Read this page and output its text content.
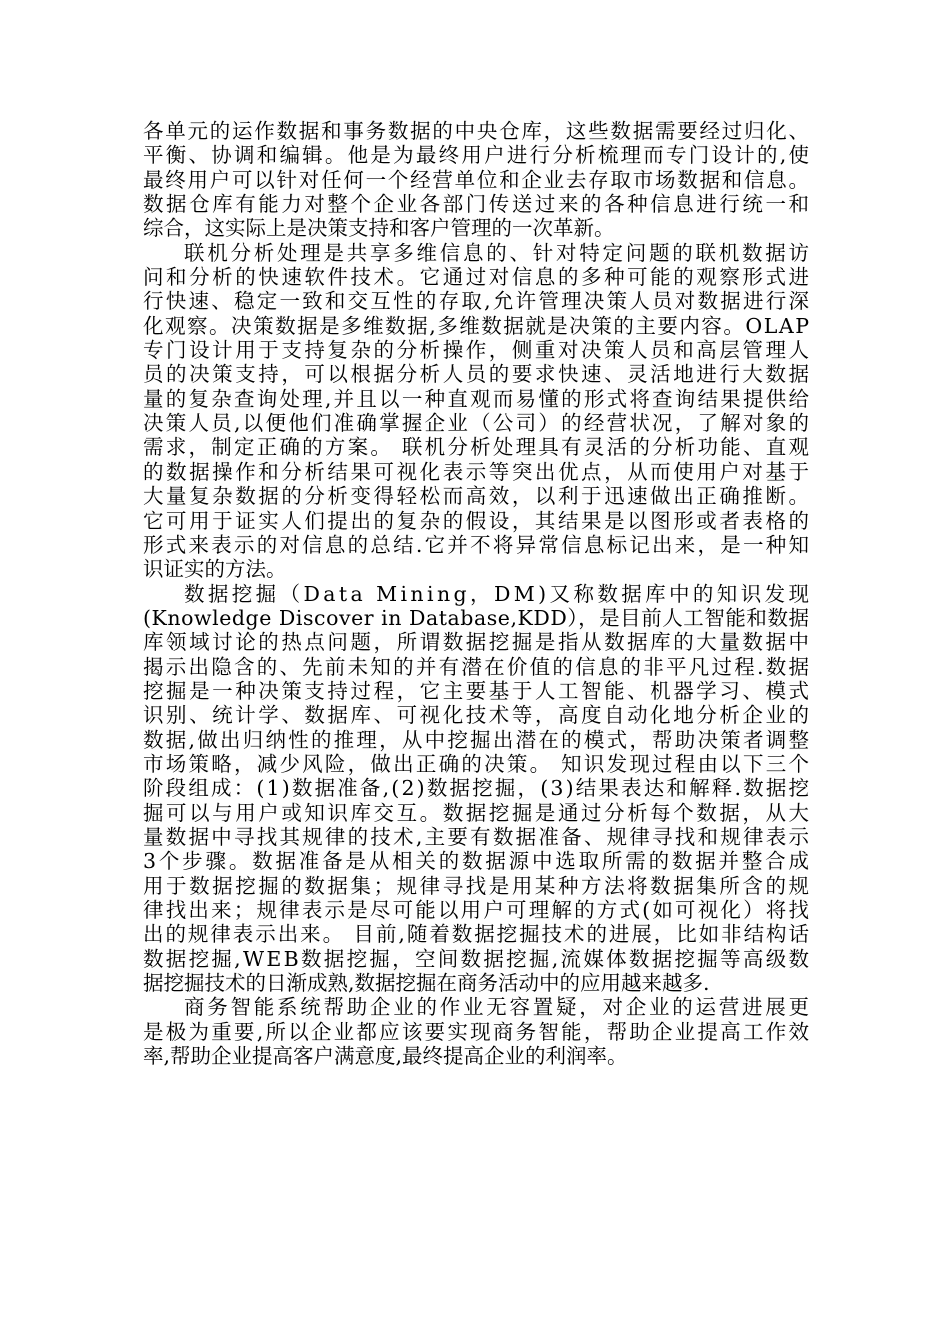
各单元的运作数据和事务数据的中央仓库，这些数据需要经过归化、
平衡、协调和编辑。他是为最终用户进行分析梳理而专门设计的,使
最终用户可以针对任何一个经营单位和企业去存取市场数据和信息。
数据仓库有能力对整个企业各部门传送过来的各种信息进行统一和
综合，这实际上是决策支持和客户管理的一次革新。

联机分析处理是共享多维信息的、针对特定问题的联机数据访
问和分析的快速软件技术。它通过对信息的多种可能的观察形式进
行快速、稳定一致和交互性的存取,允许管理决策人员对数据进行深
化观察。决策数据是多维数据,多维数据就是决策的主要内容。OLAP
专门设计用于支持复杂的分析操作，侧重对决策人员和高层管理人
员的决策支持，可以根据分析人员的要求快速、灵活地进行大数据
量的复杂查询处理,并且以一种直观而易懂的形式将查询结果提供给
决策人员,以便他们准确掌握企业（公司）的经营状况，了解对象的
需求，制定正确的方案。 联机分析处理具有灵活的分析功能、直观
的数据操作和分析结果可视化表示等突出优点，从而使用户对基于
大量复杂数据的分析变得轻松而高效，以利于迅速做出正确推断。
它可用于证实人们提出的复杂的假设，其结果是以图形或者表格的
形式来表示的对信息的总结.它并不将异常信息标记出来，是一种知
识证实的方法。

数据挖掘（Data Mining，DM)又称数据库中的知识发现
(Knowledge Discover in Database,KDD），是目前人工智能和数据
库领域讨论的热点问题，所谓数据挖掘是指从数据库的大量数据中
揭示出隐含的、先前未知的并有潜在价值的信息的非平凡过程.数据
挖掘是一种决策支持过程，它主要基于人工智能、机器学习、模式
识别、统计学、数据库、可视化技术等，高度自动化地分析企业的
数据,做出归纳性的推理，从中挖掘出潜在的模式，帮助决策者调整
市场策略，减少风险，做出正确的决策。 知识发现过程由以下三个
阶段组成：(1)数据准备,(2)数据挖掘，(3)结果表达和解释.数据挖
掘可以与用户或知识库交互。数据挖掘是通过分析每个数据，从大
量数据中寻找其规律的技术,主要有数据准备、规律寻找和规律表示
3个步骤。数据准备是从相关的数据源中选取所需的数据并整合成
用于数据挖掘的数据集；规律寻找是用某种方法将数据集所含的规
律找出来；规律表示是尽可能以用户可理解的方式(如可视化）将找
出的规律表示出来。 目前,随着数据挖掘技术的进展，比如非结构话
数据挖掘,WEB数据挖掘，空间数据挖掘,流媒体数据挖掘等高级数
据挖掘技术的日渐成熟,数据挖掘在商务活动中的应用越来越多.

商务智能系统帮助企业的作业无容置疑，对企业的运营进展更
是极为重要,所以企业都应该要实现商务智能，帮助企业提高工作效
率,帮助企业提高客户满意度,最终提高企业的利润率。
